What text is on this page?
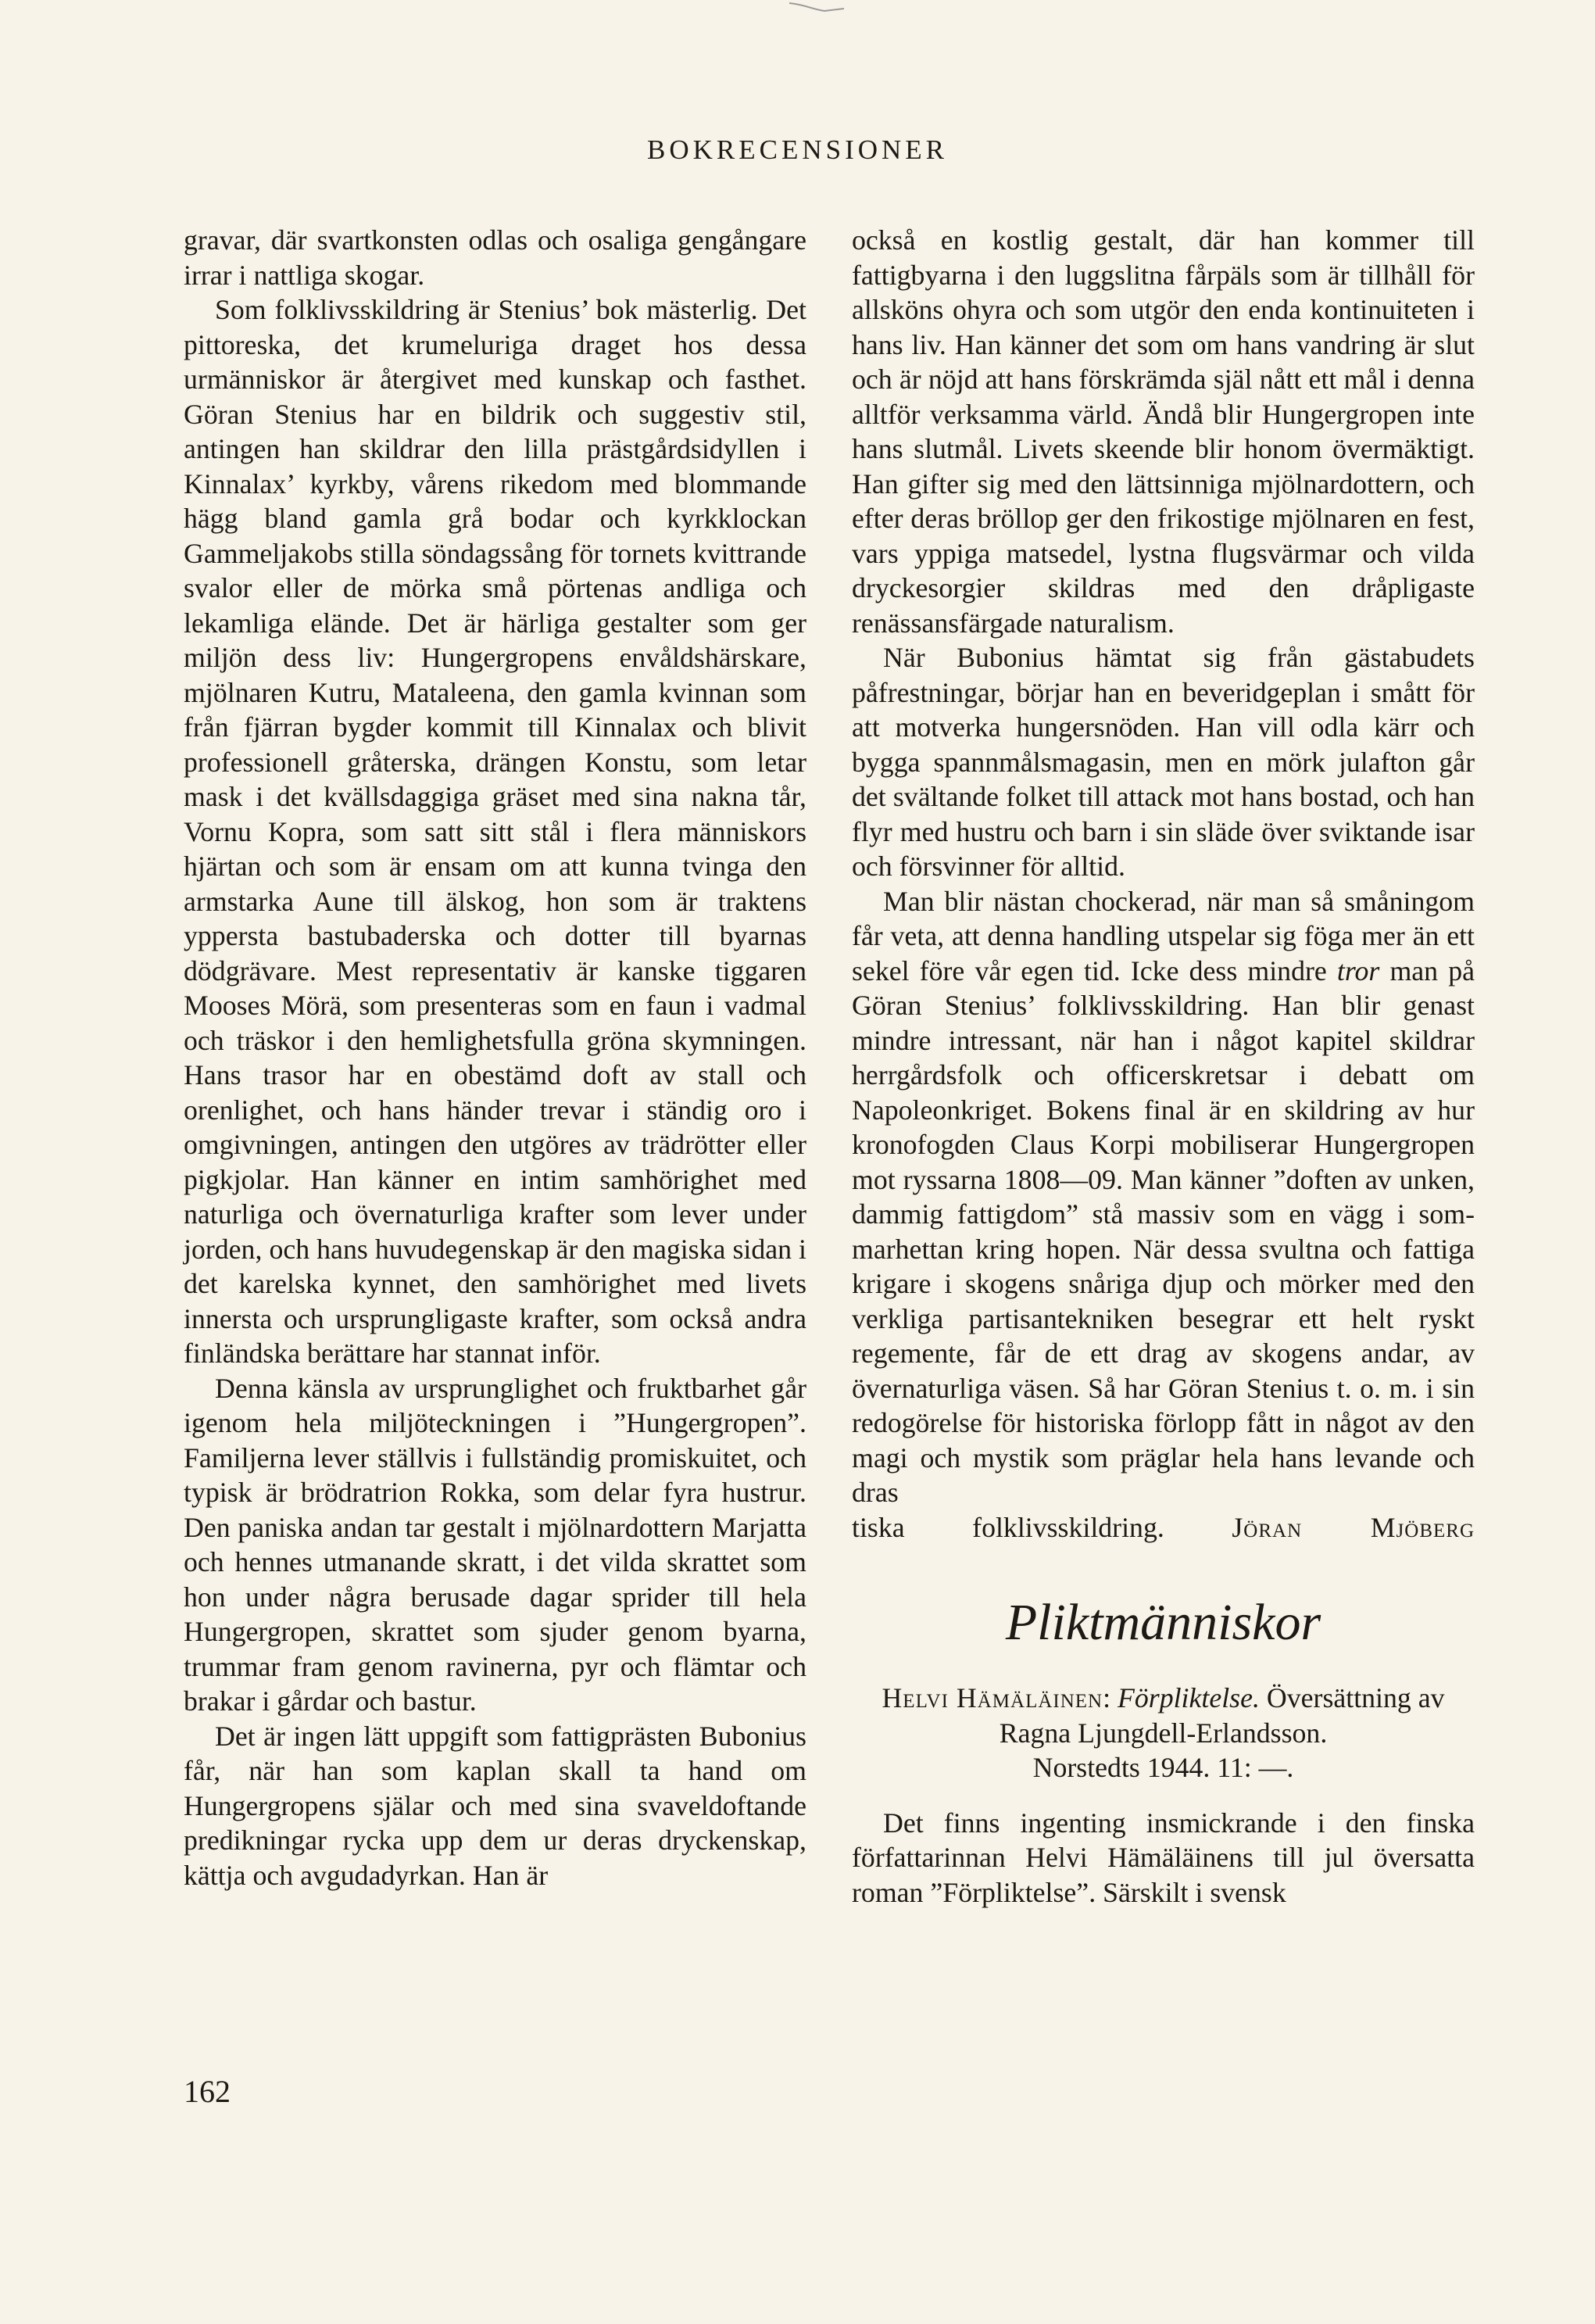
BOKRECENSIONER

gravar, där svartkonsten odlas och osaliga gengångare irrar i nattliga skogar.

Som folklivsskildring är Stenius’ bok mästerlig. Det pittoreska, det krumeluriga draget hos dessa urmänniskor är återgivet med kunskap och fasthet. Göran Stenius har en bildrik och suggestiv stil, antingen han skildrar den lilla prästgårdsidyllen i Kinnalax’ kyrkby, vårens rikedom med blommande hägg bland gamla grå bodar och kyrkklockan Gammeljakobs stilla söndagssång för tornets kvittrande svalor eller de mörka små pörtenas andliga och lekamliga elände. Det är härliga gestalter som ger miljön dess liv: Hungergropens envåldshärskare, mjölnaren Kutru, Mataleena, den gamla kvinnan som från fjärran bygder kommit till Kinnalax och blivit professionell gråterska, drängen Konstu, som letar mask i det kvällsdaggiga gräset med sina nakna tår, Vornu Kopra, som satt sitt stål i flera människors hjärtan och som är ensam om att kunna tvinga den armstarka Aune till älskog, hon som är traktens yppersta bastubaderska och dotter till byarnas dödgrävare. Mest representativ är kanske tiggaren Mooses Mörä, som presenteras som en faun i vadmal och träskor i den hemlighetsfulla gröna skymningen. Hans trasor har en obestämd doft av stall och orenlighet, och hans händer trevar i ständig oro i omgivningen, antingen den utgöres av trädrötter eller pigkjolar. Han känner en intim samhörighet med naturliga och övernaturliga krafter som lever under jorden, och hans huvudegenskap är den magiska sidan i det karelska kynnet, den samhörighet med livets innersta och ursprungligaste krafter, som också andra finländska berättare har stannat inför.

Denna känsla av ursprunglighet och fruktbarhet går igenom hela miljöteckningen i ”Hungergropen”. Familjerna lever ställvis i fullständig promiskuitet, och typisk är brödratrion Rokka, som delar fyra hustrur. Den paniska andan tar gestalt i mjölnardottern Marjatta och hennes utmanande skratt, i det vilda skrattet som hon under några berusade dagar sprider till hela Hungergropen, skrattet som sjuder genom byarna, trummar fram genom ravinerna, pyr och flämtar och brakar i gårdar och bastur.

Det är ingen lätt uppgift som fattigprästen Bubonius får, när han som kaplan skall ta hand om Hungergropens själar och med sina svaveldoftande predikningar rycka upp dem ur deras dryckenskap, kättja och avgudadyrkan. Han är

också en kostlig gestalt, där han kommer till fattigbyarna i den luggslitna fårpäls som är tillhåll för allsköns ohyra och som utgör den enda kontinuiteten i hans liv. Han känner det som om hans vandring är slut och är nöjd att hans förskrämda själ nått ett mål i denna alltför verksamma värld. Ändå blir Hungergropen inte hans slutmål. Livets skeende blir honom övermäktigt. Han gifter sig med den lättsinniga mjölnardottern, och efter deras bröllop ger den frikostige mjölnaren en fest, vars yppiga matsedel, lystna flugsvärmar och vilda dryckesorgier skildras med den dråpligaste renässansfärgade naturalism.

När Bubonius hämtat sig från gästabudets påfrestningar, börjar han en beveridgeplan i smått för att motverka hungersnöden. Han vill odla kärr och bygga spannmålsmagasin, men en mörk julafton går det svältande folket till attack mot hans bostad, och han flyr med hustru och barn i sin släde över sviktande isar och försvinner för alltid.

Man blir nästan chockerad, när man så småningom får veta, att denna handling utspelar sig föga mer än ett sekel före vår egen tid. Icke dess mindre tror man på Göran Stenius’ folklivsskildring. Han blir genast mindre intressant, när han i något kapitel skildrar herrgårdsfolk och officerskretsar i debatt om Napoleonkriget. Bokens final är en skildring av hur kronofogden Claus Korpi mobiliserar Hungergropen mot ryssarna 1808—09. Man känner ”doften av unken, dammig fattigdom” stå massiv som en vägg i sommarhettan kring hopen. När dessa svultna och fattiga krigare i skogens snåriga djup och mörker med den verkliga partisantekniken besegrar ett helt ryskt regemente, får de ett drag av skogens andar, av övernaturliga väsen. Så har Göran Stenius t. o. m. i sin redogörelse för historiska förlopp fått in något av den magi och mystik som präglar hela hans levande och dras

tiska folklivsskildring. Jöran Mjöberg

Pliktmänniskor
Helvi Hämäläinen: Förpliktelse. Översättning av Ragna Ljungdell-Erlandsson.
Norstedts 1944. 11: —.

Det finns ingenting insmickrande i den finska författarinnan Helvi Hämäläinens till jul översatta roman ”Förpliktelse”. Särskilt i svensk

162
